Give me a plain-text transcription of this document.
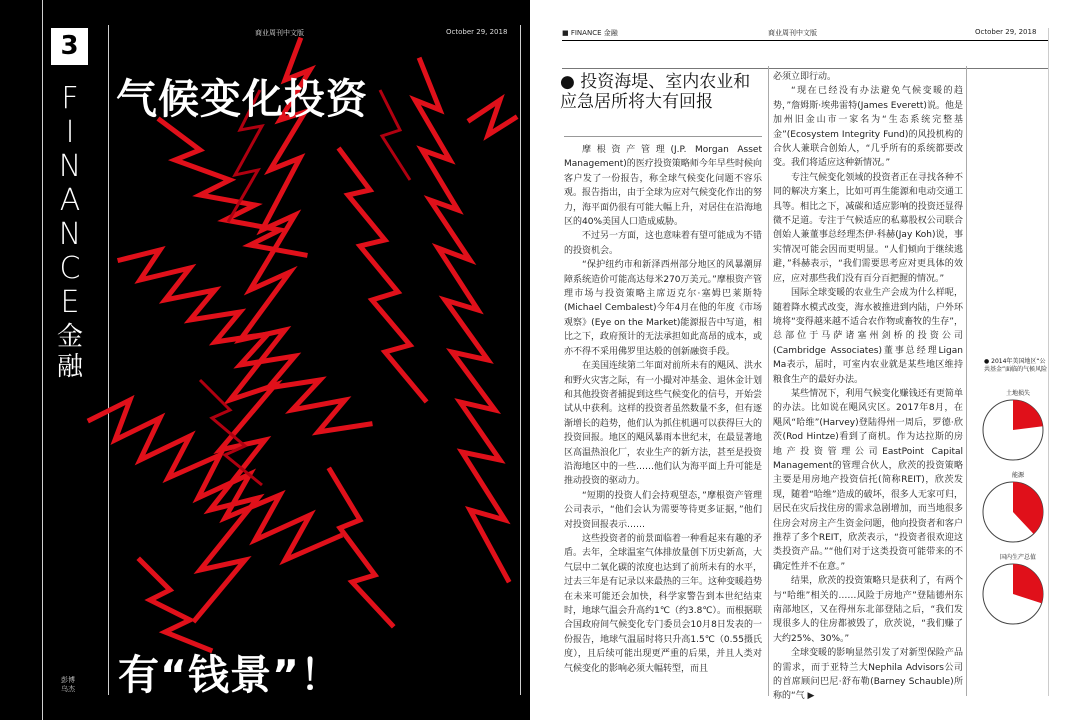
商业周刊中文版	October 29, 2018
3
F
I
N
A
N
C
E
金融
气候变化投资
有“钱景”！
彭博
乌杰
■ FINANCE 金融	商业周刊中文版	October 29, 2018
● 投资海堤、室内农业和应急居所将大有回报

摩根资产管理(J.P. Morgan Asset Management)的医疗投资策略师今年早些时候向客户发了一份报告，称全球气候变化问题不容乐观。报告指出，由于全球为应对气候变化作出的努力，海平面仍很有可能大幅上升，对居住在沿海地区的40%美国人口造成威胁。

不过另一方面，这也意味着有望可能成为不错的投资机会。

“保护纽约市和新泽西州部分地区的风暴潮屏障系统造价可能高达每米270万美元。”摩根资产管理市场与投资策略主席迈克尔·塞姆巴莱斯特(Michael Cembalest)今年4月在他的年度《市场观察》(Eye on the Market)能源报告中写道，相比之下，政府预计的无法承担如此高昂的成本，或亦不得不采用佛罗里达般的创新融资手段。

在美国连续第二年面对前所未有的飓风、洪水和野火灾害之际，有一小撮对冲基金、退休金计划和其他投资者捕捉到这些气候变化的信号，开始尝试从中获利。这样的投资者虽然数量不多，但有逐渐增长的趋势，他们认为抓住机遇可以获得巨大的投资回报。地区的飓风暴雨本世纪末，在最显著地区高温热浪化厂，农业生产的新方法，甚至是投资沿海地区中的一些……他们认为海平面上升可能是推动投资的驱动力。

“短期的投资人们会持观望态，”摩根资产管理公司表示，“他们会认为需要等待更多证据，”他们对投资回报表示……

这些投资者的前景面临着一种看起来有趣的矛盾。去年，全球温室气体排放量创下历史新高，大气层中二氧化碳的浓度也达到了前所未有的水平，过去三年是有记录以来最热的三年。这种变暖趋势在未来可能还会加快，科学家警告到本世纪结束时，地球气温会升高约1℃（约3.8℃）。而根据联合国政府间气候变化专门委员会10月8日发表的一份报告，地球气温届时将只升高1.5℃（0.55摄氏度），且后续可能出现更严重的后果，并且人类对气候变化的影响必须大幅转型，而且

必须立即行动。

“现在已经没有办法避免气候变暖的趋势，”詹姆斯·埃弗雷特(James Everett)说。他是加州旧金山市一家名为“生态系统完整基金”(Ecosystem Integrity Fund)的风投机构的合伙人兼联合创始人，“几乎所有的系统都要改变。我们将适应这种新情况。”

专注气候变化领域的投资者正在寻找各种不同的解决方案上，比如可再生能源和电动交通工具等。相比之下，减碳和适应影响的投资还显得微不足道。专注于气候适应的私募股权公司联合创始人兼董事总经理杰伊·科赫(Jay Koh)说，事实情况可能会因而更明显。“人们倾向于继续逃避，”科赫表示，“我们需要思考应对更具体的效应，应对那些我们没有百分百把握的情况。”

国际全球变暖的农业生产会成为什么样呢，随着降水模式改变，海水被推进到内陆，户外环境将“变得越来越不适合农作物或畜牧的生存”，总部位于马萨诸塞州剑桥的投资公司(Cambridge Associates)董事总经理Ligan Ma表示，届时，可室内农业就是某些地区维持粮食生产的最好办法。

某些情况下，利用气候变化赚钱还有更简单的办法。比如说在飓风灾区。2017年8月，在飓风“哈维”(Harvey)登陆得州一周后，罗德·欣茨(Rod Hintze)看到了商机。作为达拉斯的房地产投资管理公司EastPoint Capital Management的管理合伙人，欣茨的投资策略主要是用房地产投资信托(简称REIT)，欣茨发现，随着“哈维”造成的破坏，很多人无家可归，居民在灾后找住房的需求急剧增加，而当地很多住房会对房主产生资金问题，他向投资者和客户推荐了多个REIT，欣茨表示，“投资者很欢迎这类投资产品。”“他们对于这类投资可能带来的不确定性并不在意。”

结果，欣茨的投资策略只是获利了，有两个与“哈维”相关的……风险于房地产”登陆德州东南部地区，又在得州东北部登陆之后，“我们发现很多人的住房都被毁了，欣茨说，“我们赚了大约25%、30%。”

全球变暖的影响显然引发了对新型保险产品的需求，而于亚特兰大Nephila Advisors公司的首席顾问巴尼·舒布勒(Barney Schauble)所称的“气 ▶

● 2014年美国地区“公共基金”面临的气候风险
土地损失
能源
国内生产总值
